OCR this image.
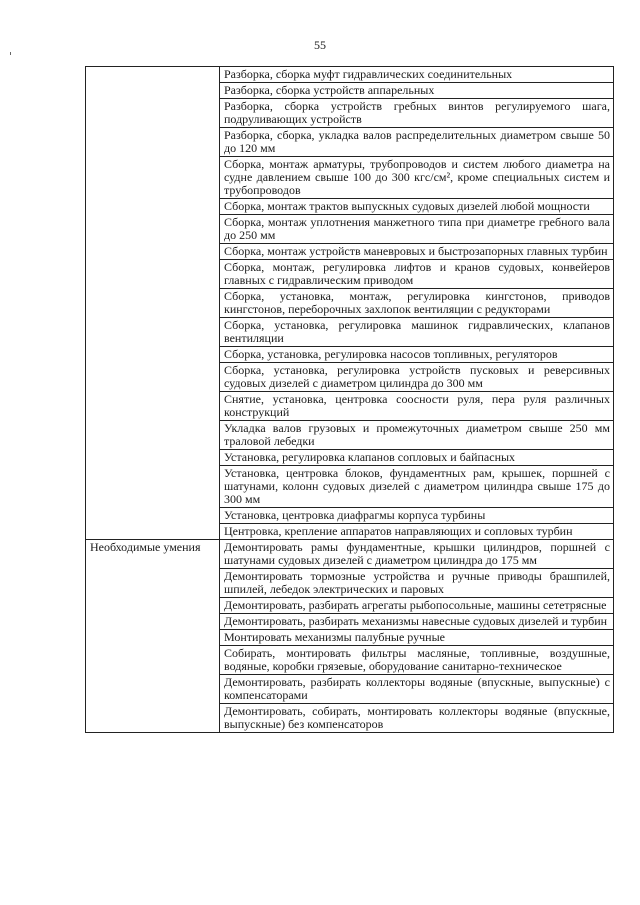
55
	Разборка, сборка муфт гидравлических соединительных
	Разборка, сборка устройств аппарельных
	Разборка, сборка устройств гребных винтов регулируемого шага, подруливающих устройств
	Разборка, сборка, укладка валов распределительных диаметром свыше 50 до 120 мм
	Сборка, монтаж арматуры, трубопроводов и систем любого диаметра на судне давлением свыше 100 до 300 кгс/см², кроме специальных систем и трубопроводов
	Сборка, монтаж трактов выпускных судовых дизелей любой мощности
	Сборка, монтаж уплотнения манжетного типа при диаметре гребного вала до 250 мм
	Сборка, монтаж устройств маневровых и быстрозапорных главных турбин
	Сборка, монтаж, регулировка лифтов и кранов судовых, конвейеров главных с гидравлическим приводом
	Сборка, установка, монтаж, регулировка кингстонов, приводов кингстонов, переборочных захлопок вентиляции с редукторами
	Сборка, установка, регулировка машинок гидравлических, клапанов вентиляции
	Сборка, установка, регулировка насосов топливных, регуляторов
	Сборка, установка, регулировка устройств пусковых и реверсивных судовых дизелей с диаметром цилиндра до 300 мм
	Снятие, установка, центровка соосности руля, пера руля различных конструкций
	Укладка валов грузовых и промежуточных диаметром свыше 250 мм траловой лебедки
	Установка, регулировка клапанов сопловых и байпасных
	Установка, центровка блоков, фундаментных рам, крышек, поршней с шатунами, колонн судовых дизелей с диаметром цилиндра свыше 175 до 300 мм
	Установка, центровка диафрагмы корпуса турбины
	Центровка, крепление аппаратов направляющих и сопловых турбин
Необходимые умения	Демонтировать рамы фундаментные, крышки цилиндров, поршней с шатунами судовых дизелей с диаметром цилиндра до 175 мм
	Демонтировать тормозные устройства и ручные приводы брашпилей, шпилей, лебедок электрических и паровых
	Демонтировать, разбирать агрегаты рыбопосольные, машины сететрясные
	Демонтировать, разбирать механизмы навесные судовых дизелей и турбин
	Монтировать механизмы палубные ручные
	Собирать, монтировать фильтры масляные, топливные, воздушные, водяные, коробки грязевые, оборудование санитарно-техническое
	Демонтировать, разбирать коллекторы водяные (впускные, выпускные) с компенсаторами
	Демонтировать, собирать, монтировать коллекторы водяные (впускные, выпускные) без компенсаторов
